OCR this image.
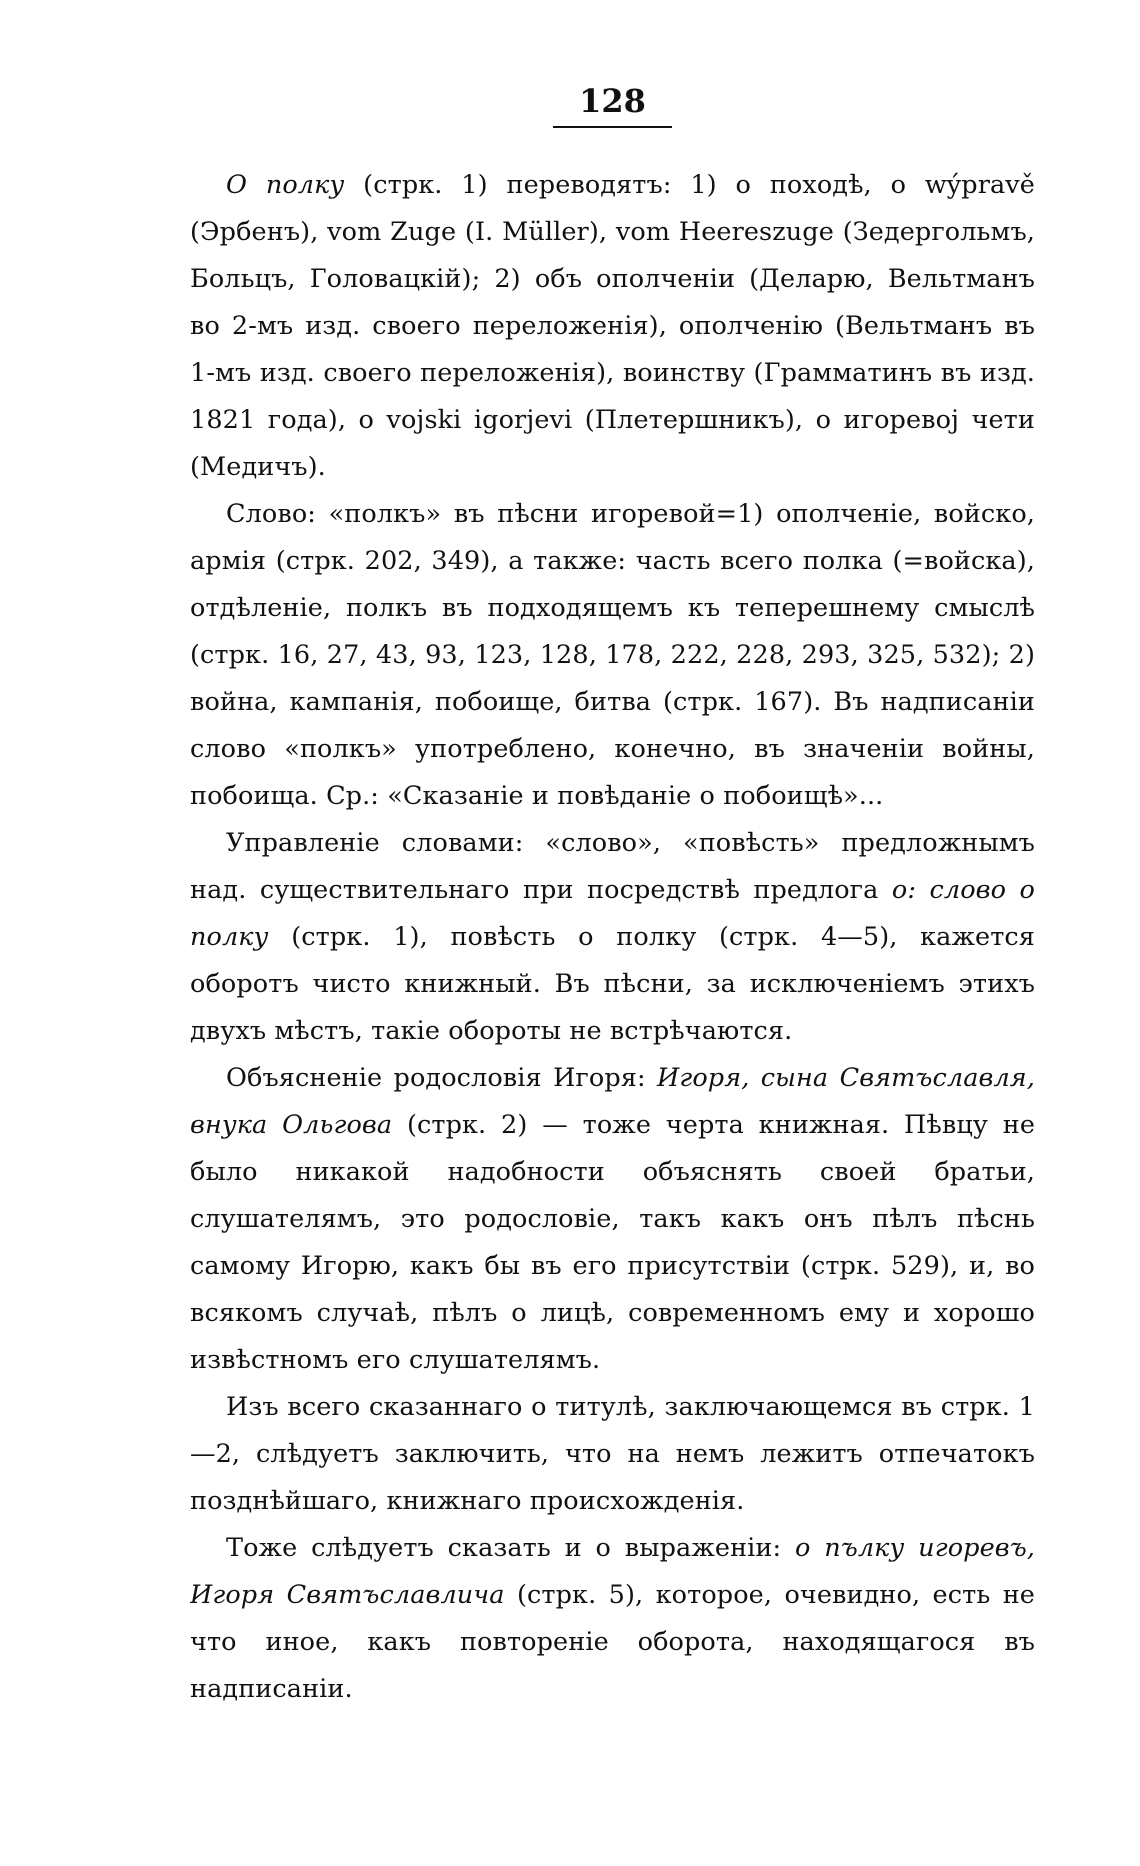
128

О полку (стрк. 1) переводятъ: 1) о походѣ, о wýpravě (Эрбенъ), vom Zuge (I. Müller), vom Heereszuge (Зедергольмъ, Больцъ, Головацкій); 2) объ ополченіи (Деларю, Вельтманъ во 2-мъ изд. своего переложенія), ополченію (Вельтманъ въ 1-мъ изд. своего переложенія), воинству (Грамматинъ въ изд. 1821 года), о vojski igorjevi (Плетершникъ), о игоревој чети (Медичъ).

Слово: «полкъ» въ пѣсни игоревой=1) ополченіе, войско, армія (стрк. 202, 349), а также: часть всего полка (=войска), отдѣленіе, полкъ въ подходящемъ къ теперешнему смыслѣ (стрк. 16, 27, 43, 93, 123, 128, 178, 222, 228, 293, 325, 532); 2) война, кампанія, побоище, битва (стрк. 167). Въ надписаніи слово «полкъ» употреблено, конечно, въ значеніи войны, побоища. Ср.: «Сказаніе и повѣданіе о побоищѣ»...

Управленіе словами: «слово», «повѣсть» предложнымъ над. существительнаго при посредствѣ предлога о: слово о полку (стрк. 1), повѣсть о полку (стрк. 4—5), кажется оборотъ чисто книжный. Въ пѣсни, за исключеніемъ этихъ двухъ мѣстъ, такіе обороты не встрѣчаются.

Объясненіе родословія Игоря: Игоря, сына Святъславля, внука Ольгова (стрк. 2) — тоже черта книжная. Пѣвцу не было никакой надобности объяснять своей братьи, слушателямъ, это родословіе, такъ какъ онъ пѣлъ пѣснь самому Игорю, какъ бы въ его присутствіи (стрк. 529), и, во всякомъ случаѣ, пѣлъ о лицѣ, современномъ ему и хорошо извѣстномъ его слушателямъ.

Изъ всего сказаннаго о титулѣ, заключающемся въ стрк. 1—2, слѣдуетъ заключить, что на немъ лежитъ отпечатокъ позднѣйшаго, книжнаго происхожденія.

Тоже слѣдуетъ сказать и о выраженіи: о пълку игоревъ, Игоря Святъславлича (стрк. 5), которое, очевидно, есть не что иное, какъ повтореніе оборота, находящагося въ надписаніи.
